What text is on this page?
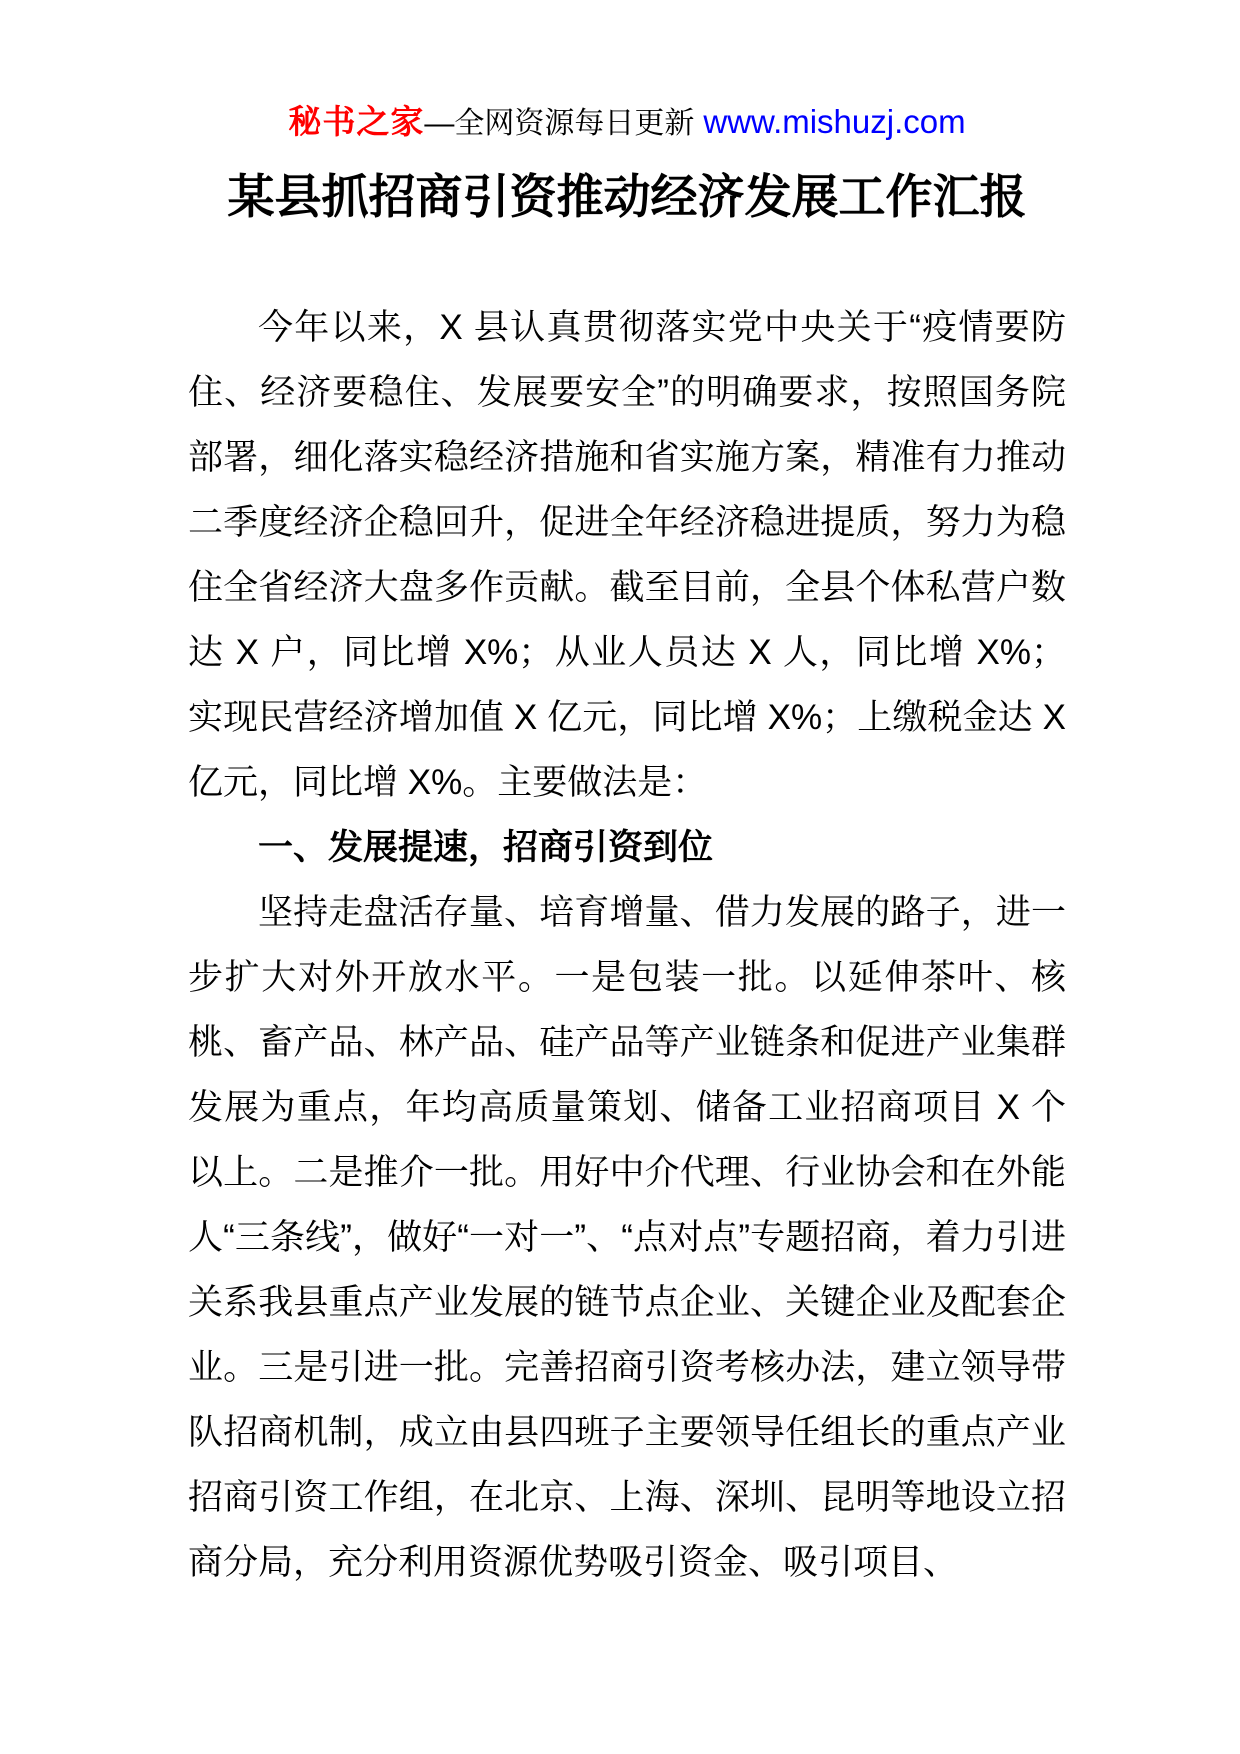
秘书之家—全网资源每日更新 www.mishuzj.com
某县抓招商引资推动经济发展工作汇报

今年以来，X 县认真贯彻落实党中央关于“疫情要防住、经济要稳住、发展要安全”的明确要求，按照国务院部署，细化落实稳经济措施和省实施方案，精准有力推动二季度经济企稳回升，促进全年经济稳进提质，努力为稳住全省经济大盘多作贡献。截至目前，全县个体私营户数达 X 户，同比增 X%；从业人员达 X 人，同比增 X%；实现民营经济增加值 X 亿元，同比增 X%；上缴税金达 X 亿元，同比增 X%。主要做法是：

一、发展提速，招商引资到位

坚持走盘活存量、培育增量、借力发展的路子，进一步扩大对外开放水平。一是包装一批。以延伸茶叶、核桃、畜产品、林产品、硅产品等产业链条和促进产业集群发展为重点，年均高质量策划、储备工业招商项目 X 个以上。二是推介一批。用好中介代理、行业协会和在外能人“三条线”，做好“一对一”、“点对点”专题招商，着力引进关系我县重点产业发展的链节点企业、关键企业及配套企业。三是引进一批。完善招商引资考核办法，建立领导带队招商机制，成立由县四班子主要领导任组长的重点产业招商引资工作组，在北京、上海、深圳、昆明等地设立招商分局，充分利用资源优势吸引资金、吸引项目、
